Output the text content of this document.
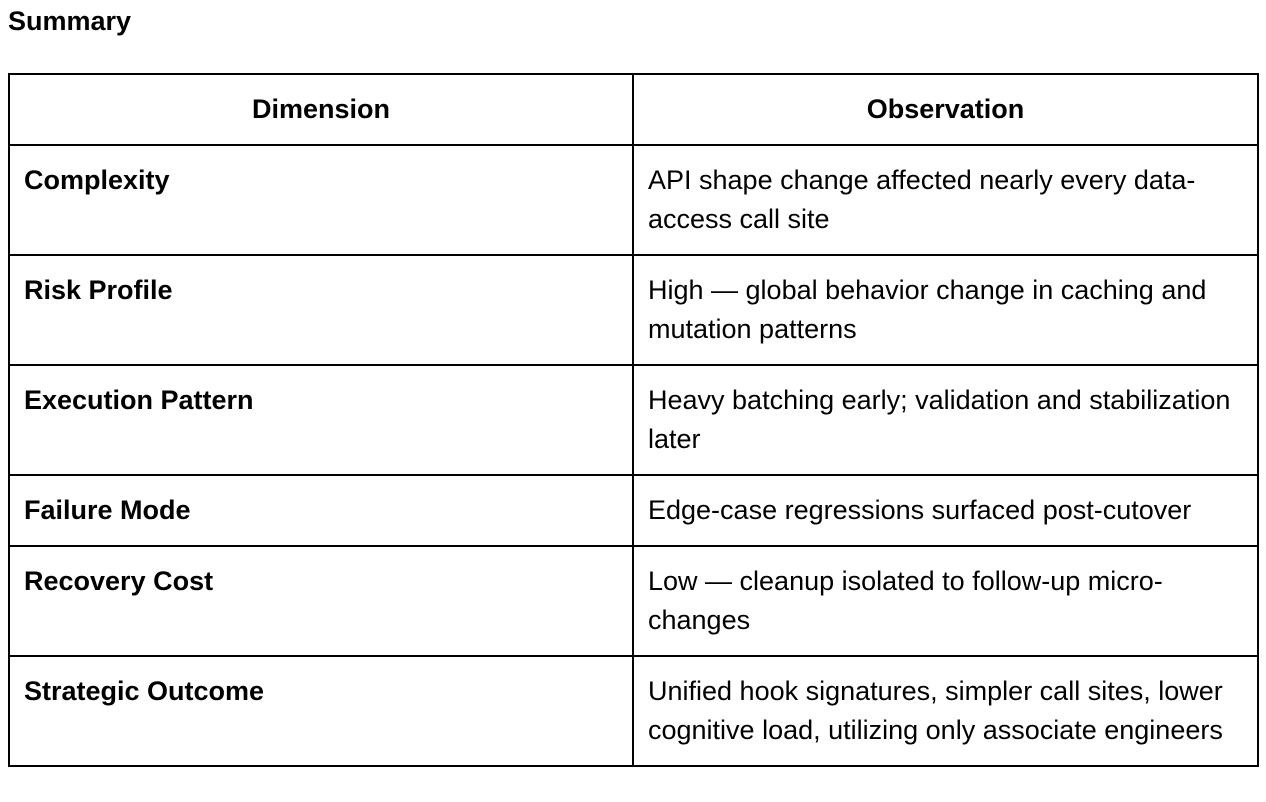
Summary
Dimension	Observation
Complexity	API shape change affected nearly every data-access call site
Risk Profile	High — global behavior change in caching and mutation patterns
Execution Pattern	Heavy batching early; validation and stabilization later
Failure Mode	Edge-case regressions surfaced post-cutover
Recovery Cost	Low — cleanup isolated to follow-up micro-changes
Strategic Outcome	Unified hook signatures, simpler call sites, lower cognitive load, utilizing only associate engineers
